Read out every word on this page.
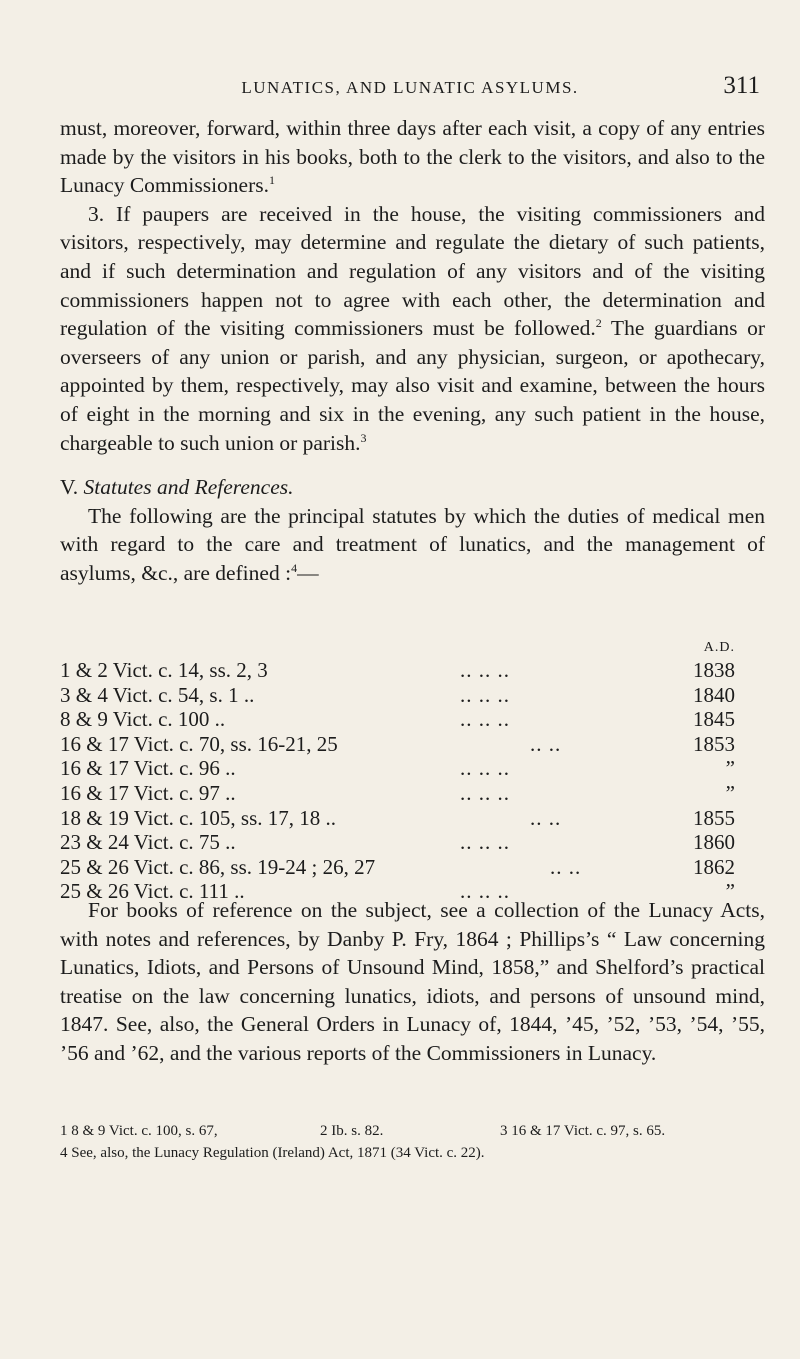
LUNATICS, AND LUNATIC ASYLUMS.	311

must, moreover, forward, within three days after each visit, a copy of any entries made by the visitors in his books, both to the clerk to the visitors, and also to the Lunacy Commissioners.$^1$

3. If paupers are received in the house, the visiting commissioners and visitors, respectively, may determine and regulate the dietary of such patients, and if such determination and regulation of any visitors and of the visiting commissioners happen not to agree with each other, the determination and regulation of the visiting commissioners must be followed.$^2$ The guardians or overseers of any union or parish, and any physician, surgeon, or apothecary, appointed by them, respectively, may also visit and examine, between the hours of eight in the morning and six in the evening, any such patient in the house, chargeable to such union or parish.$^3$

V. Statutes and References.

The following are the principal statutes by which the duties of medical men with regard to the care and treatment of lunatics, and the management of asylums, &c., are defined :$^4$—

A.D.
1 & 2 Vict. c. 14, ss. 2, 3	.. .. ..	1838
3 & 4 Vict. c. 54, s. 1 ..	.. .. ..	1840
8 & 9 Vict. c. 100 ..	.. .. ..	1845
16 & 17 Vict. c. 70, ss. 16-21, 25	.. ..	1853
16 & 17 Vict. c. 96 ..	.. .. ..	”
16 & 17 Vict. c. 97 ..	.. .. ..	”
18 & 19 Vict. c. 105, ss. 17, 18 ..	.. ..	1855
23 & 24 Vict. c. 75 ..	.. .. ..	1860
25 & 26 Vict. c. 86, ss. 19-24 ; 26, 27	.. ..	1862
25 & 26 Vict. c. 111 ..	.. .. ..	”

For books of reference on the subject, see a collection of the Lunacy Acts, with notes and references, by Danby P. Fry, 1864 ; Phillips’s “ Law concerning Lunatics, Idiots, and Persons of Unsound Mind, 1858,” and Shelford’s practical treatise on the law concerning lunatics, idiots, and persons of unsound mind, 1847. See, also, the General Orders in Lunacy of, 1844, ’45, ’52, ’53, ’54, ’55, ’56 and ’62, and the various reports of the Commissioners in Lunacy.

1 8 & 9 Vict. c. 100, s. 67,	2 Ib. s. 82.	3 16 & 17 Vict. c. 97, s. 65.
4 See, also, the Lunacy Regulation (Ireland) Act, 1871 (34 Vict. c. 22).
